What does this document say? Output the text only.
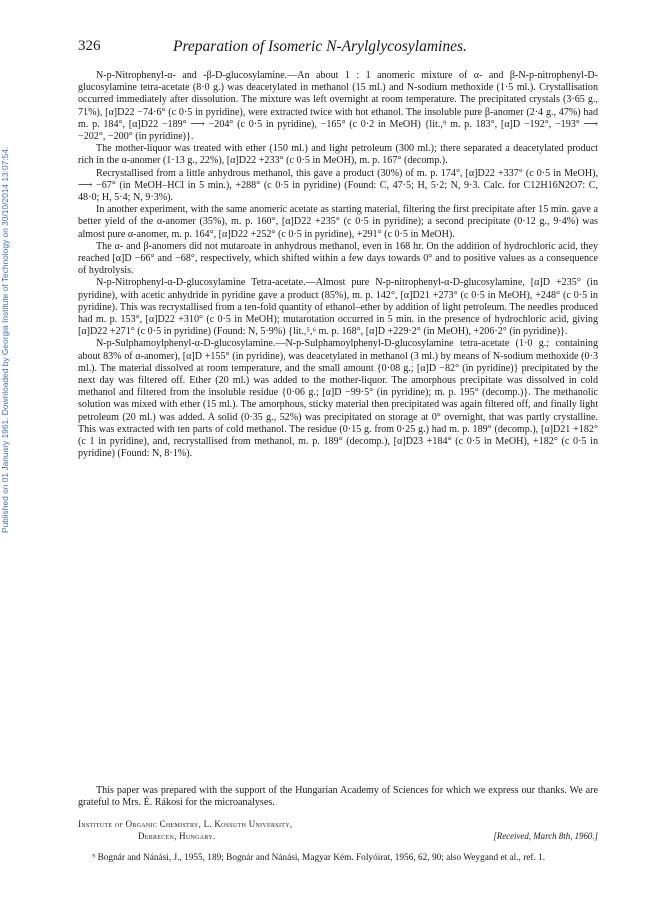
Published on 01 January 1961. Downloaded by Georgia Institute of Technology on 30/10/2014 13:07:54.
326	Preparation of Isomeric N-Arylglycosylamines.

N-p-Nitrophenyl-α- and -β-D-glucosylamine.—An about 1 : 1 anomeric mixture of α- and β-N-p-nitrophenyl-D-glucosylamine tetra-acetate (8·0 g.) was deacetylated in methanol (15 ml.) and N-sodium methoxide (1·5 ml.). Crystallisation occurred immediately after dissolution. The mixture was left overnight at room temperature. The precipitated crystals (3·65 g., 71%), [α]D22 −74·6° (c 0·5 in pyridine), were extracted twice with hot ethanol. The insoluble pure β-anomer (2·4 g., 47%) had m. p. 184°, [α]D22 −189° ⟶ −204° (c 0·5 in pyridine), −165° (c 0·2 in MeOH) {lit.,⁹ m. p. 183°, [α]D −192°, −193° ⟶ −202°, −200° (in pyridine)}.

The mother-liquor was treated with ether (150 ml.) and light petroleum (300 ml.); there separated a deacetylated product rich in the α-anomer (1·13 g., 22%), [α]D22 +233° (c 0·5 in MeOH), m. p. 167° (decomp.).

Recrystallised from a little anhydrous methanol, this gave a product (30%) of m. p. 174°, [α]D22 +337° (c 0·5 in MeOH), ⟶ −67° (in MeOH–HCl in 5 min.), +288° (c 0·5 in pyridine) (Found: C, 47·5; H, 5·2; N, 9·3. Calc. for C12H16N2O7: C, 48·0; H, 5·4; N, 9·3%).

In another experiment, with the same anomeric acetate as starting material, filtering the first precipitate after 15 min. gave a better yield of the α-anomer (35%), m. p. 160°, [α]D22 +235° (c 0·5 in pyridine); a second precipitate (0·12 g., 9·4%) was almost pure α-anomer, m. p. 164°, [α]D22 +252° (c 0·5 in pyridine), +291° (c 0·5 in MeOH).

The α- and β-anomers did not mutaroate in anhydrous methanol, even in 168 hr. On the addition of hydrochloric acid, they reached [α]D −66° and −68°, respectively, which shifted within a few days towards 0° and to positive values as a consequence of hydrolysis.

N-p-Nitrophenyl-α-D-glucosylamine Tetra-acetate.—Almost pure N-p-nitrophenyl-α-D-glucosylamine, [α]D +235° (in pyridine), with acetic anhydride in pyridine gave a product (85%), m. p. 142°, [α]D21 +273° (c 0·5 in MeOH), +248° (c 0·5 in pyridine). This was recrystallised from a ten-fold quantity of ethanol–ether by addition of light petroleum. The needles produced had m. p. 153°, [α]D22 +310° (c 0·5 in MeOH); mutarotation occurred in 5 min. in the presence of hydrochloric acid, giving [α]D22 +271° (c 0·5 in pyridine) (Found: N, 5·9%) {lit.,⁵,⁶ m. p. 168°, [α]D +229·2° (in MeOH), +206·2° (in pyridine)}.

N-p-Sulphamoylphenyl-α-D-glucosylamine.—N-p-Sulphamoylphenyl-D-glucosylamine tetra-acetate (1·0 g.; containing about 83% of α-anomer), [α]D +155° (in pyridine), was deacetylated in methanol (3 ml.) by means of N-sodium methoxide (0·3 ml.). The material dissolved at room temperature, and the small amount {0·08 g.; [α]D −82° (in pyridine)} precipitated by the next day was filtered off. Ether (20 ml.) was added to the mother-liquor. The amorphous precipitate was dissolved in cold methanol and filtered from the insoluble residue {0·06 g.; [α]D −99·5° (in pyridine); m. p. 195° (decomp.)}. The methanolic solution was mixed with ether (15 ml.). The amorphous, sticky material then precipitated was again filtered off, and finally light petroleum (20 ml.) was added. A solid (0·35 g., 52%) was precipitated on storage at 0° overnight, that was partly crystalline. This was extracted with ten parts of cold methanol. The residue (0·15 g. from 0·25 g.) had m. p. 189° (decomp.), [α]D21 +182° (c 1 in pyridine), and, recrystallised from methanol, m. p. 189° (decomp.), [α]D23 +184° (c 0·5 in MeOH), +182° (c 0·5 in pyridine) (Found: N, 8·1%).

This paper was prepared with the support of the Hungarian Academy of Sciences for which we express our thanks. We are grateful to Mrs. É. Rákosi for the microanalyses.

Institute of Organic Chemistry, L. Kossuth University,
Debrecen, Hungary.	[Received, March 8th, 1960.]

⁹ Bognár and Nánási, J., 1955, 189; Bognár and Nánási, Magyar Kém. Folyóirat, 1956, 62, 90; also Weygand et al., ref. 1.
